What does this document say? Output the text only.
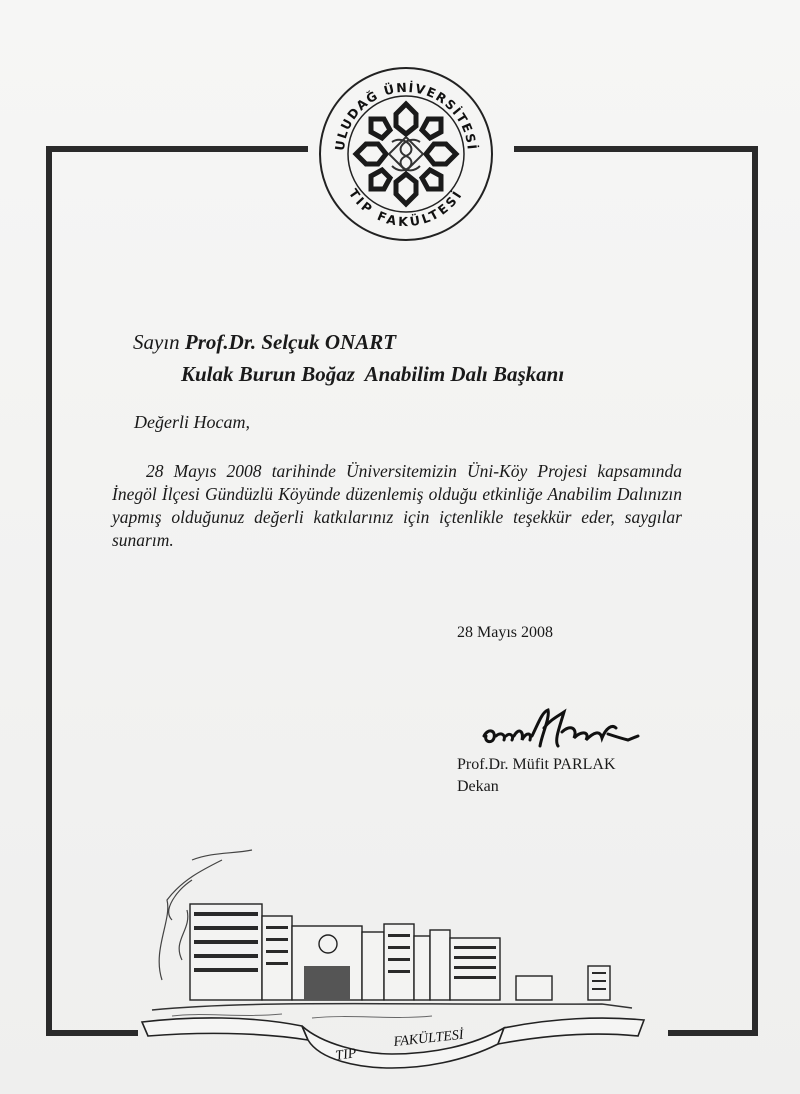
ULUDAĞ ÜNİVERSİTESİ
TIP FAKÜLTESİ
Sayın Prof.Dr. Selçuk ONART
Kulak Burun Boğaz  Anabilim Dalı Başkanı
Değerli Hocam,
28 Mayıs 2008 tarihinde Üniversitemizin Üni-Köy Projesi kapsamında İnegöl İlçesi Gündüzlü Köyünde düzenlemiş olduğu etkinliğe Anabilim Dalınızın yapmış olduğunuz değerli katkılarınız için içtenlikle teşekkür eder, saygılar sunarım.
28 Mayıs 2008
Prof.Dr. Müfit PARLAK
Dekan
TIP
FAKÜLTESİ
